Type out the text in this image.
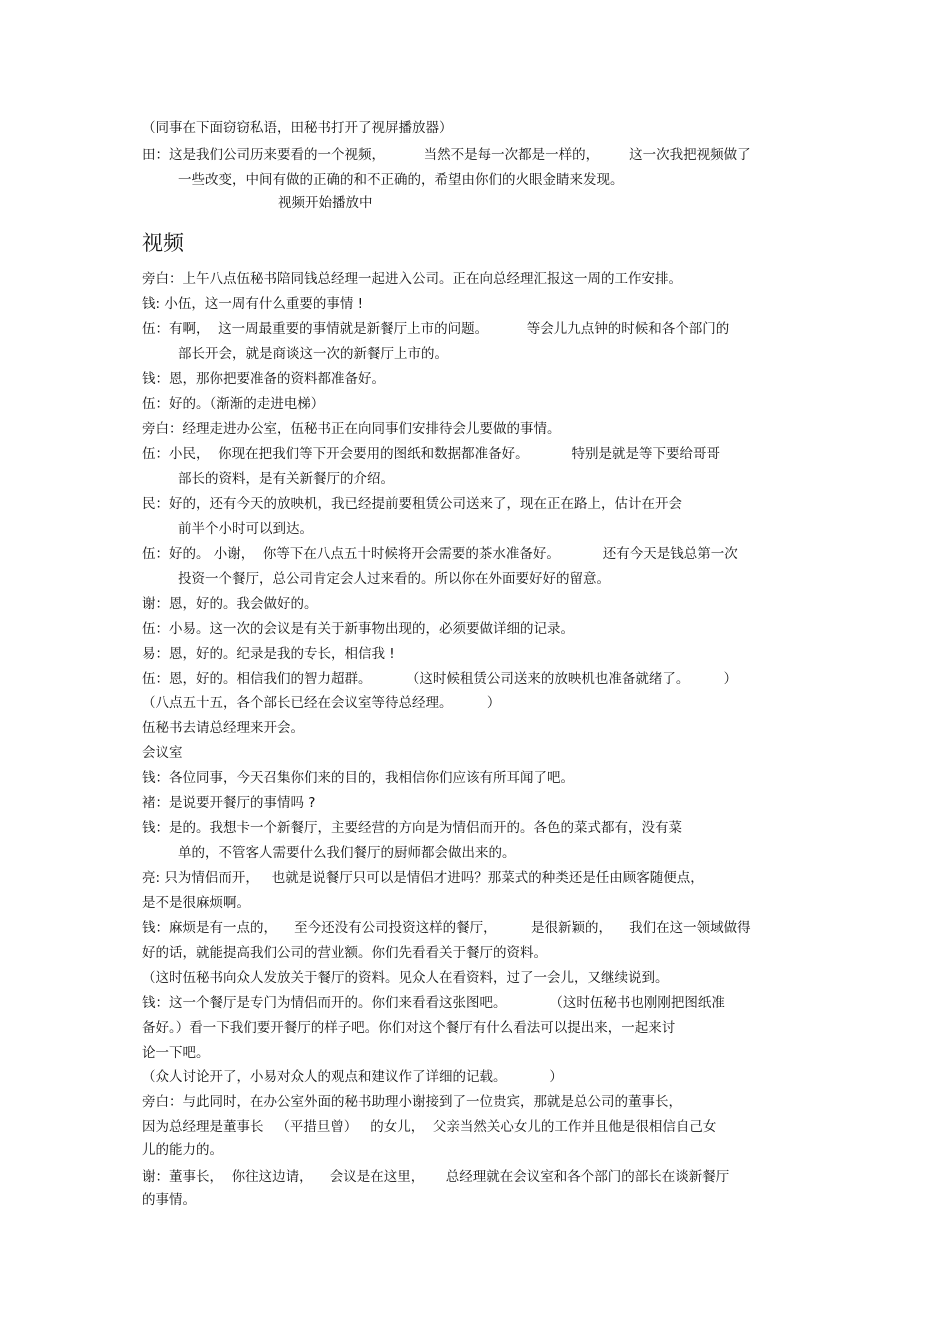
（同事在下面窃窃私语，田秘书打开了视屏播放器）
田：这是我们公司历来要看的一个视频，         当然不是每一次都是一样的，       这一次我把视频做了
一些改变，中间有做的正确的和不正确的，希望由你们的火眼金睛来发现。
视频开始播放中
视频
旁白：上午八点伍秘书陪同钱总经理一起进入公司。正在向总经理汇报这一周的工作安排。
钱: 小伍，这一周有什么重要的事情 !
伍：有啊，  这一周最重要的事情就是新餐厅上市的问题。         等会儿九点钟的时候和各个部门的
部长开会，就是商谈这一次的新餐厅上市的。
钱：恩，那你把要准备的资料都准备好。
伍：好的。（渐渐的走进电梯）
旁白：经理走进办公室，伍秘书正在向同事们安排待会儿要做的事情。
伍：小民，  你现在把我们等下开会要用的图纸和数据都准备好。          特别是就是等下要给哥哥
部长的资料，是有关新餐厅的介绍。
民：好的，还有今天的放映机，我已经提前要租赁公司送来了，现在正在路上，估计在开会
前半个小时可以到达。
伍：好的。 小谢，  你等下在八点五十时候将开会需要的茶水准备好。          还有今天是钱总第一次
投资一个餐厅，总公司肯定会人过来看的。所以你在外面要好好的留意。
谢：恩，好的。我会做好的。
伍：小易。这一次的会议是有关于新事物出现的，必须要做详细的记录。
易：恩，好的。纪录是我的专长，相信我 !
伍：恩，好的。相信我们的智力超群。        （这时候租赁公司送来的放映机也准备就绪了。        ）
（八点五十五，各个部长已经在会议室等待总经理。        ）
伍秘书去请总经理来开会。
会议室
钱：各位同事，今天召集你们来的目的，我相信你们应该有所耳闻了吧。
褚：是说要开餐厅的事情吗 ?
钱：是的。我想卡一个新餐厅，主要经营的方向是为情侣而开的。各色的菜式都有，没有菜
单的，不管客人需要什么我们餐厅的厨师都会做出来的。
亮: 只为情侣而开，   也就是说餐厅只可以是情侣才进吗？那菜式的种类还是任由顾客随便点，
是不是很麻烦啊。
钱：麻烦是有一点的，    至今还没有公司投资这样的餐厅，        是很新颖的，    我们在这一领域做得
好的话，就能提高我们公司的营业额。你们先看看关于餐厅的资料。
（这时伍秘书向众人发放关于餐厅的资料。见众人在看资料，过了一会儿，又继续说到。
钱：这一个餐厅是专门为情侣而开的。你们来看看这张图吧。          （这时伍秘书也刚刚把图纸准
备好。）看一下我们要开餐厅的样子吧。你们对这个餐厅有什么看法可以提出来，一起来讨
论一下吧。
（众人讨论开了，小易对众人的观点和建议作了详细的记载。          ）
旁白：与此同时，在办公室外面的秘书助理小谢接到了一位贵宾，那就是总公司的董事长，
因为总经理是董事长   （平措旦曾）   的女儿，  父亲当然关心女儿的工作并且他是很相信自己女
儿的能力的。
谢：董事长，  你往这边请，    会议是在这里，     总经理就在会议室和各个部门的部长在谈新餐厅
的事情。
